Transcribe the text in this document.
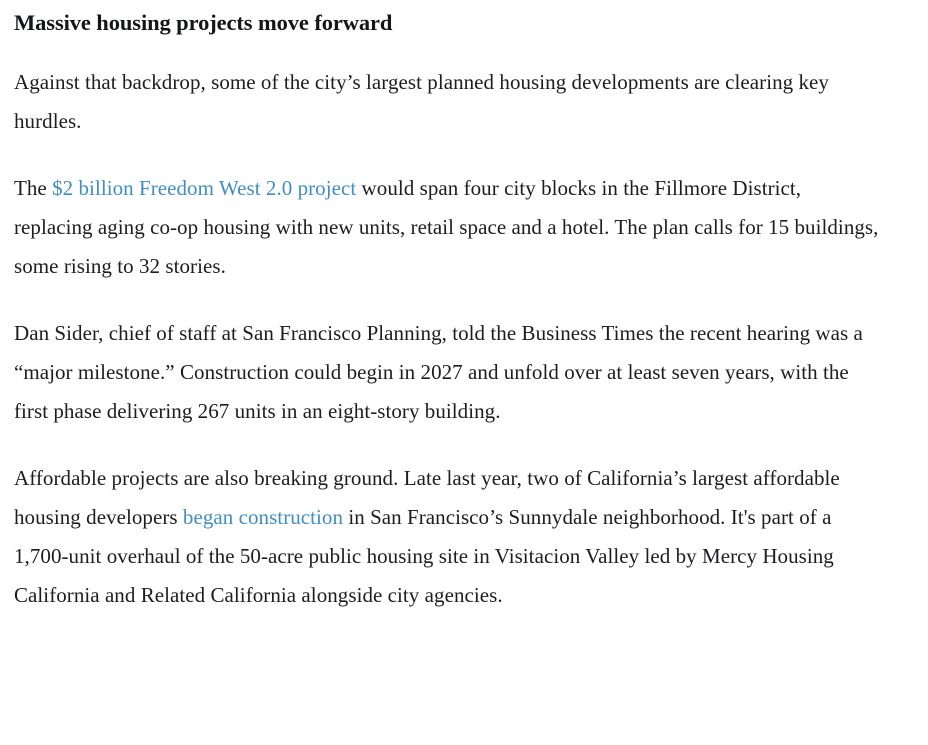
Massive housing projects move forward

Against that backdrop, some of the city’s largest planned housing developments are clearing key hurdles.

The $2 billion Freedom West 2.0 project would span four city blocks in the Fillmore District, replacing aging co-op housing with new units, retail space and a hotel. The plan calls for 15 buildings, some rising to 32 stories.

Dan Sider, chief of staff at San Francisco Planning, told the Business Times the recent hearing was a “major milestone.” Construction could begin in 2027 and unfold over at least seven years, with the first phase delivering 267 units in an eight-story building.

Affordable projects are also breaking ground. Late last year, two of California’s largest affordable housing developers began construction in San Francisco’s Sunnydale neighborhood. It's part of a 1,700-unit overhaul of the 50-acre public housing site in Visitacion Valley led by Mercy Housing California and Related California alongside city agencies.
